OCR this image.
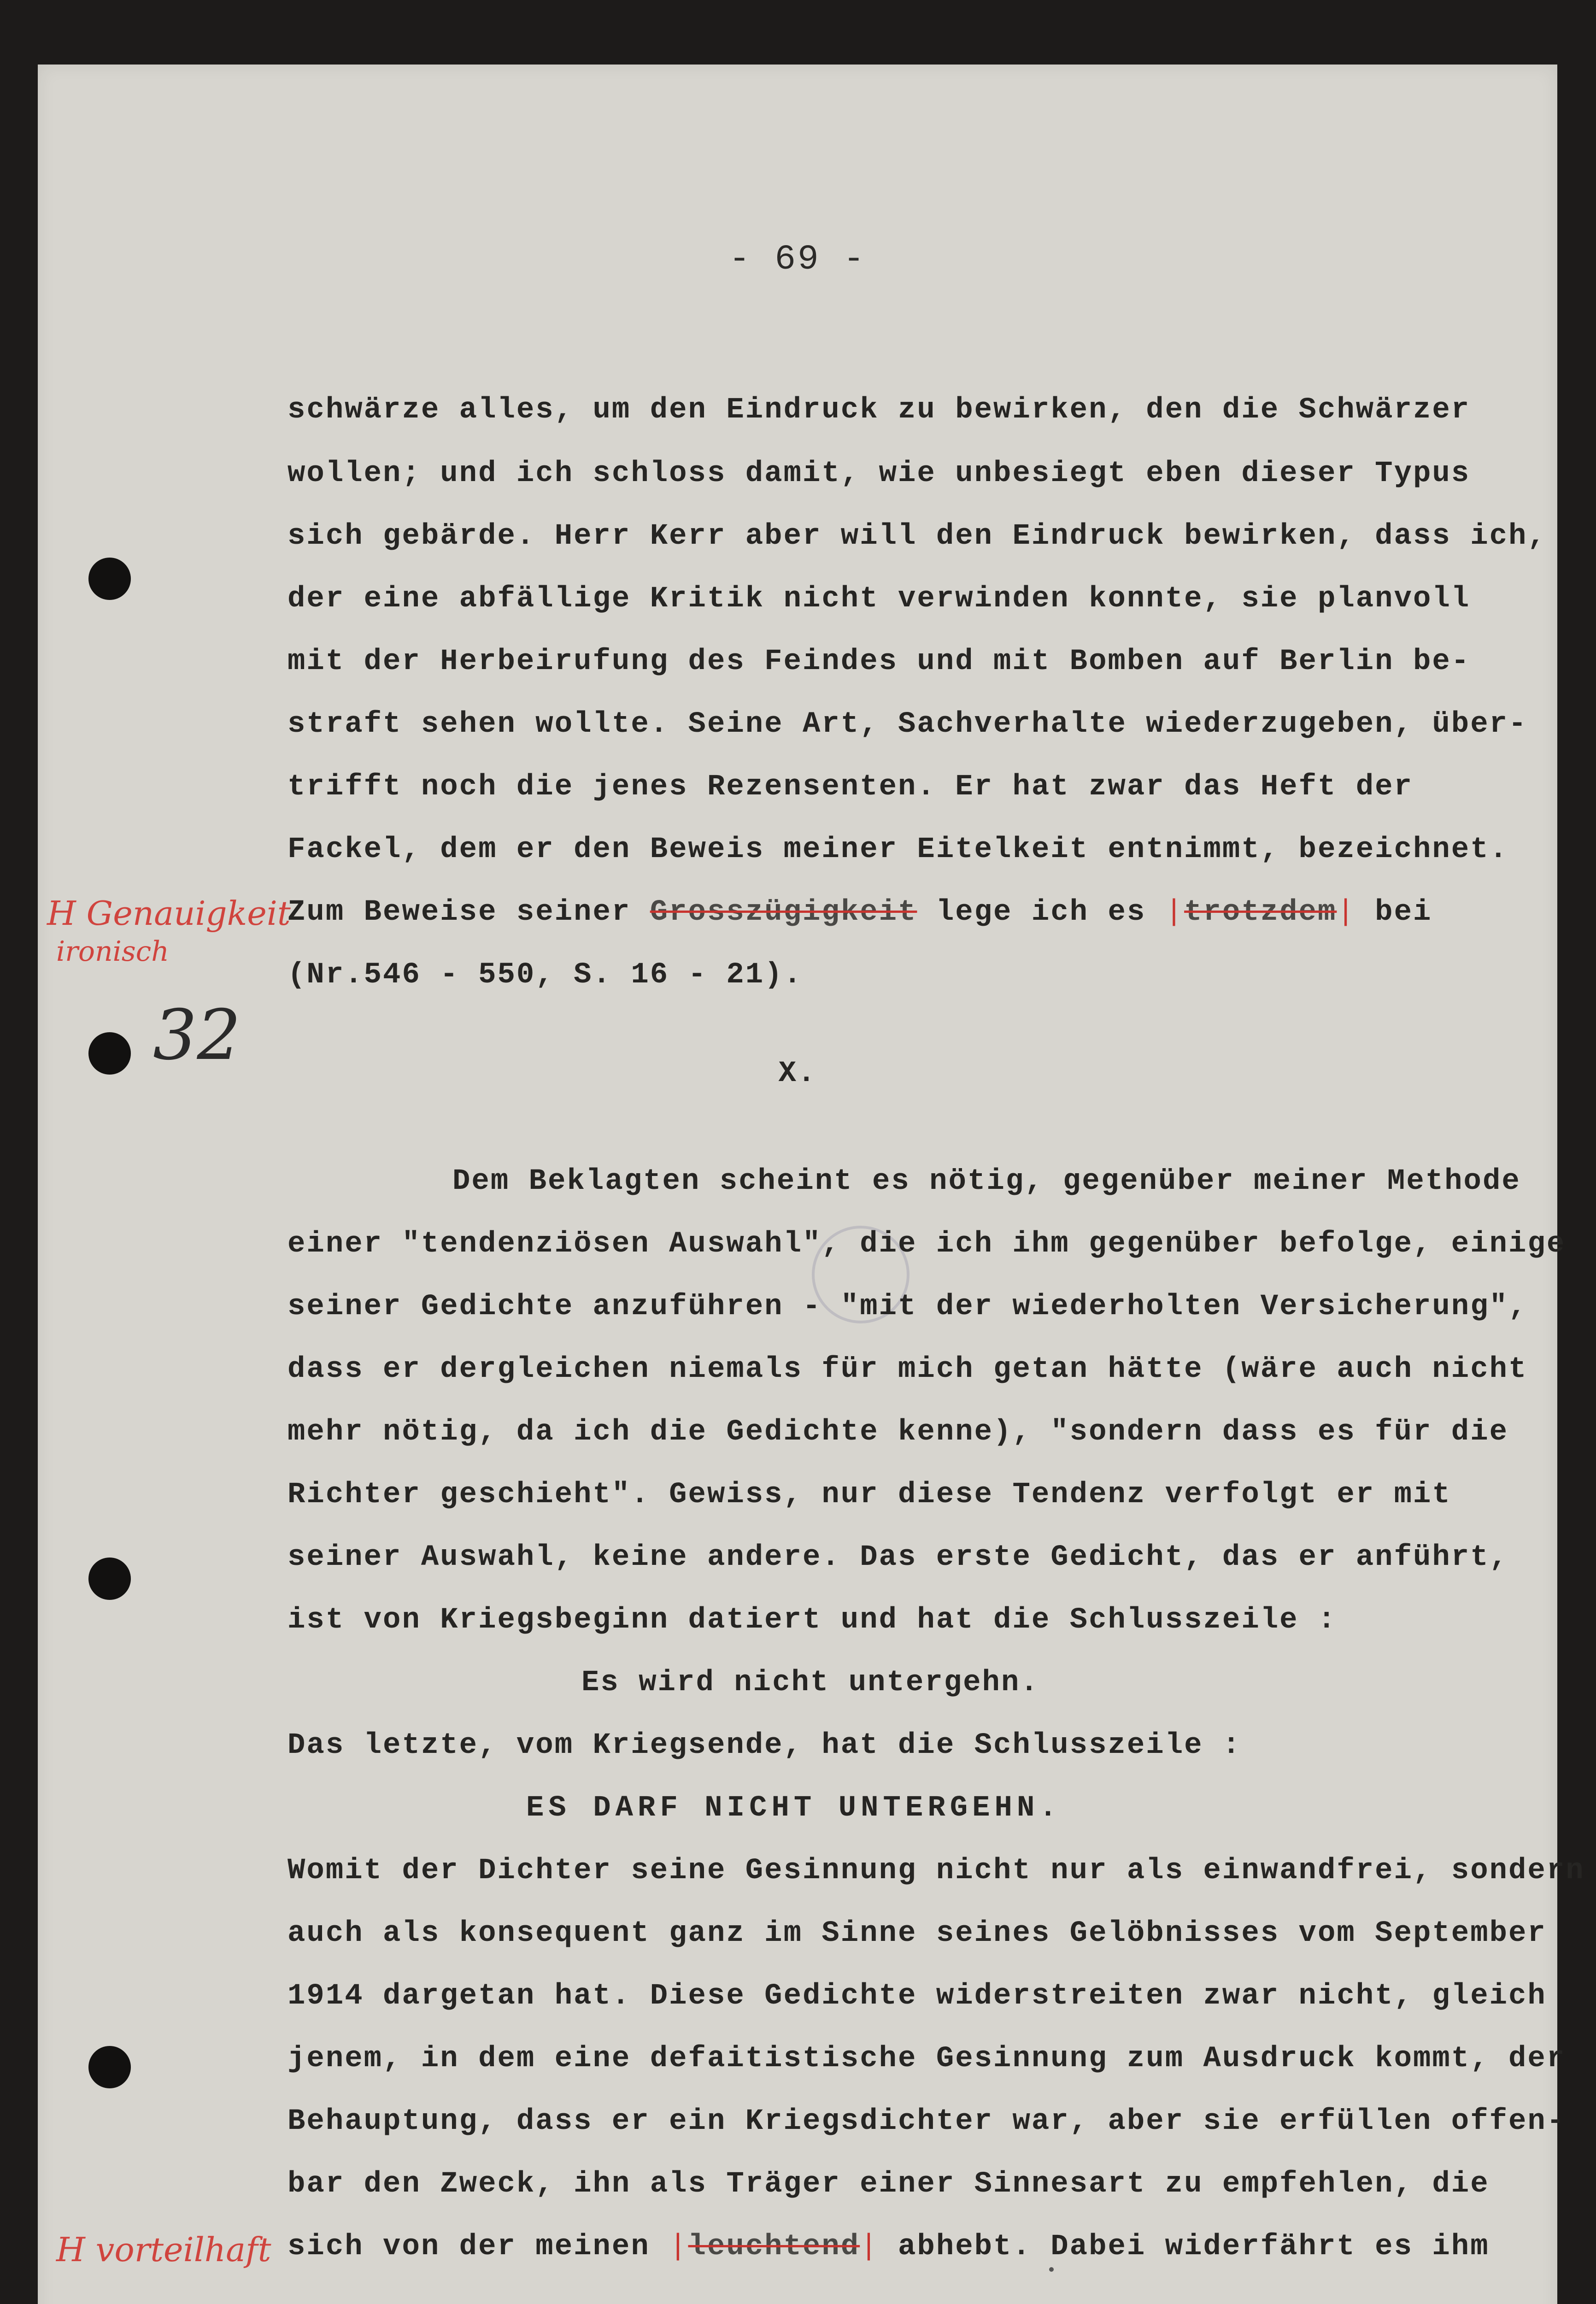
- 69 -
schwärze alles, um den Eindruck zu bewirken, den die Schwärzer
wollen; und ich schloss damit, wie unbesiegt eben dieser Typus
sich gebärde. Herr Kerr aber will den Eindruck bewirken, dass ich,
der eine abfällige Kritik nicht verwinden konnte, sie planvoll
mit der Herbeirufung des Feindes und mit Bomben auf Berlin be-
straft sehen wollte. Seine Art, Sachverhalte wiederzugeben, über-
trifft noch die jenes Rezensenten. Er hat zwar das Heft der
Fackel, dem er den Beweis meiner Eitelkeit entnimmt, bezeichnet.
Zum Beweise seiner Grosszügigkeit lege ich es |trotzdem| bei
(Nr.546 - 550, S. 16 - 21).
X.
Dem Beklagten scheint es nötig, gegenüber meiner Methode
einer "tendenziösen Auswahl", die ich ihm gegenüber befolge, einige
seiner Gedichte anzuführen - "mit der wiederholten Versicherung",
dass er dergleichen niemals für mich getan hätte (wäre auch nicht
mehr nötig, da ich die Gedichte kenne), "sondern dass es für die
Richter geschieht". Gewiss, nur diese Tendenz verfolgt er mit
seiner Auswahl, keine andere. Das erste Gedicht, das er anführt,
ist von Kriegsbeginn datiert und hat die Schlusszeile :
Es wird nicht untergehn.
Das letzte, vom Kriegsende, hat die Schlusszeile :
ES DARF NICHT UNTERGEHN.
Womit der Dichter seine Gesinnung nicht nur als einwandfrei, sondern
auch als konsequent ganz im Sinne seines Gelöbnisses vom September
1914 dargetan hat. Diese Gedichte widerstreiten zwar nicht, gleich
jenem, in dem eine defaitistische Gesinnung zum Ausdruck kommt, der
Behauptung, dass er ein Kriegsdichter war, aber sie erfüllen offen-
bar den Zweck, ihn als Träger einer Sinnesart zu empfehlen, die
sich von der meinen |leuchtend| abhebt. Dabei widerfährt es ihm
H Genauigkeit
ironisch
32
H vorteilhaft
